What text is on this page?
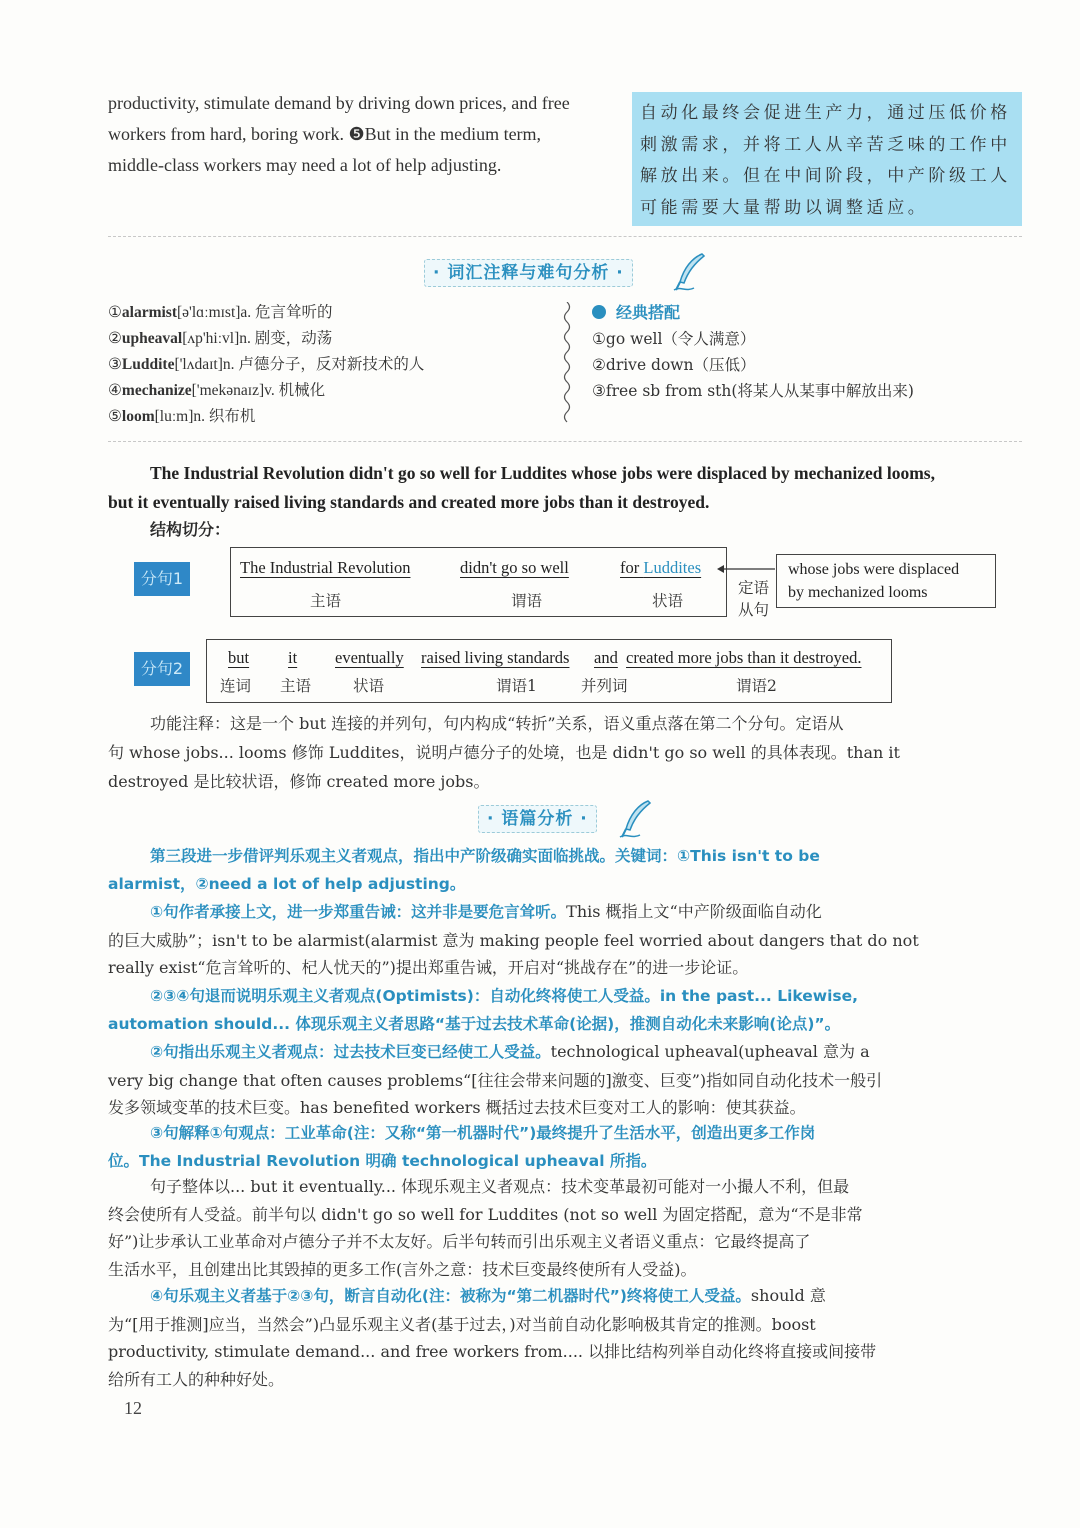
productivity, stimulate demand by driving down prices, and free
workers from hard, boring work. ❺But in the medium term,
middle-class workers may need a lot of help adjusting.
自动化最终会促进生产力，通过压低价格
刺激需求，并将工人从辛苦乏味的工作中
解放出来。但在中间阶段，中产阶级工人
可能需要大量帮助以调整适应。
· 词汇注释与难句分析 ·
①alarmist[ə'lɑːmɪst]a. 危言耸听的
②upheaval[ʌp'hiːvl]n. 剧变，动荡
③Luddite['lʌdaɪt]n. 卢德分子，反对新技术的人
④mechanize['mekənaɪz]v. 机械化
⑤loom[luːm]n. 织布机
经典搭配
①go well（令人满意）
②drive down（压低）
③free sb from sth(将某人从某事中解放出来)
The Industrial Revolution didn't go so well for Luddites whose jobs were displaced by mechanized looms,
but it eventually raised living standards and created more jobs than it destroyed.
结构切分：
分句1
The Industrial Revolution
主语
didn't go so well
谓语
for Luddites
状语
定语
从句
whose jobs were displaced
by mechanized looms
分句2
but
连词
it
主语
eventually
状语
raised living standards
谓语1
and
并列词
created more jobs than it destroyed.
谓语2
功能注释：这是一个 but 连接的并列句，句内构成“转折”关系，语义重点落在第二个分句。定语从
句 whose jobs... looms 修饰 Luddites，说明卢德分子的处境，也是 didn't go so well 的具体表现。than it
destroyed 是比较状语，修饰 created more jobs。
· 语篇分析 ·
第三段进一步借评判乐观主义者观点，指出中产阶级确实面临挑战。关键词：①This isn't to be
alarmist，②need a lot of help adjusting。
①句作者承接上文，进一步郑重告诫：这并非是要危言耸听。This 概指上文“中产阶级面临自动化
的巨大威胁”；isn't to be alarmist(alarmist 意为 making people feel worried about dangers that do not
really exist“危言耸听的、杞人忧天的”)提出郑重告诫，开启对“挑战存在”的进一步论证。
②③④句退而说明乐观主义者观点(Optimists)：自动化终将使工人受益。in the past... Likewise,
automation should... 体现乐观主义者思路“基于过去技术革命(论据)，推测自动化未来影响(论点)”。
②句指出乐观主义者观点：过去技术巨变已经使工人受益。technological upheaval(upheaval 意为 a
very big change that often causes problems“[往往会带来问题的]激变、巨变”)指如同自动化技术一般引
发多领域变革的技术巨变。has benefited workers 概括过去技术巨变对工人的影响：使其获益。
③句解释①句观点：工业革命(注：又称“第一机器时代”)最终提升了生活水平，创造出更多工作岗
位。The Industrial Revolution 明确 technological upheaval 所指。
句子整体以... but it eventually... 体现乐观主义者观点：技术变革最初可能对一小撮人不利，但最
终会使所有人受益。前半句以 didn't go so well for Luddites (not so well 为固定搭配，意为“不是非常
好”)让步承认工业革命对卢德分子并不太友好。后半句转而引出乐观主义者语义重点：它最终提高了
生活水平，且创建出比其毁掉的更多工作(言外之意：技术巨变最终使所有人受益)。
④句乐观主义者基于②③句，断言自动化(注：被称为“第二机器时代”)终将使工人受益。should 意
为“[用于推测]应当，当然会”)凸显乐观主义者(基于过去，)对当前自动化影响极其肯定的推测。boost
productivity, stimulate demand... and free workers from.... 以排比结构列举自动化终将直接或间接带
给所有工人的种种好处。
12
